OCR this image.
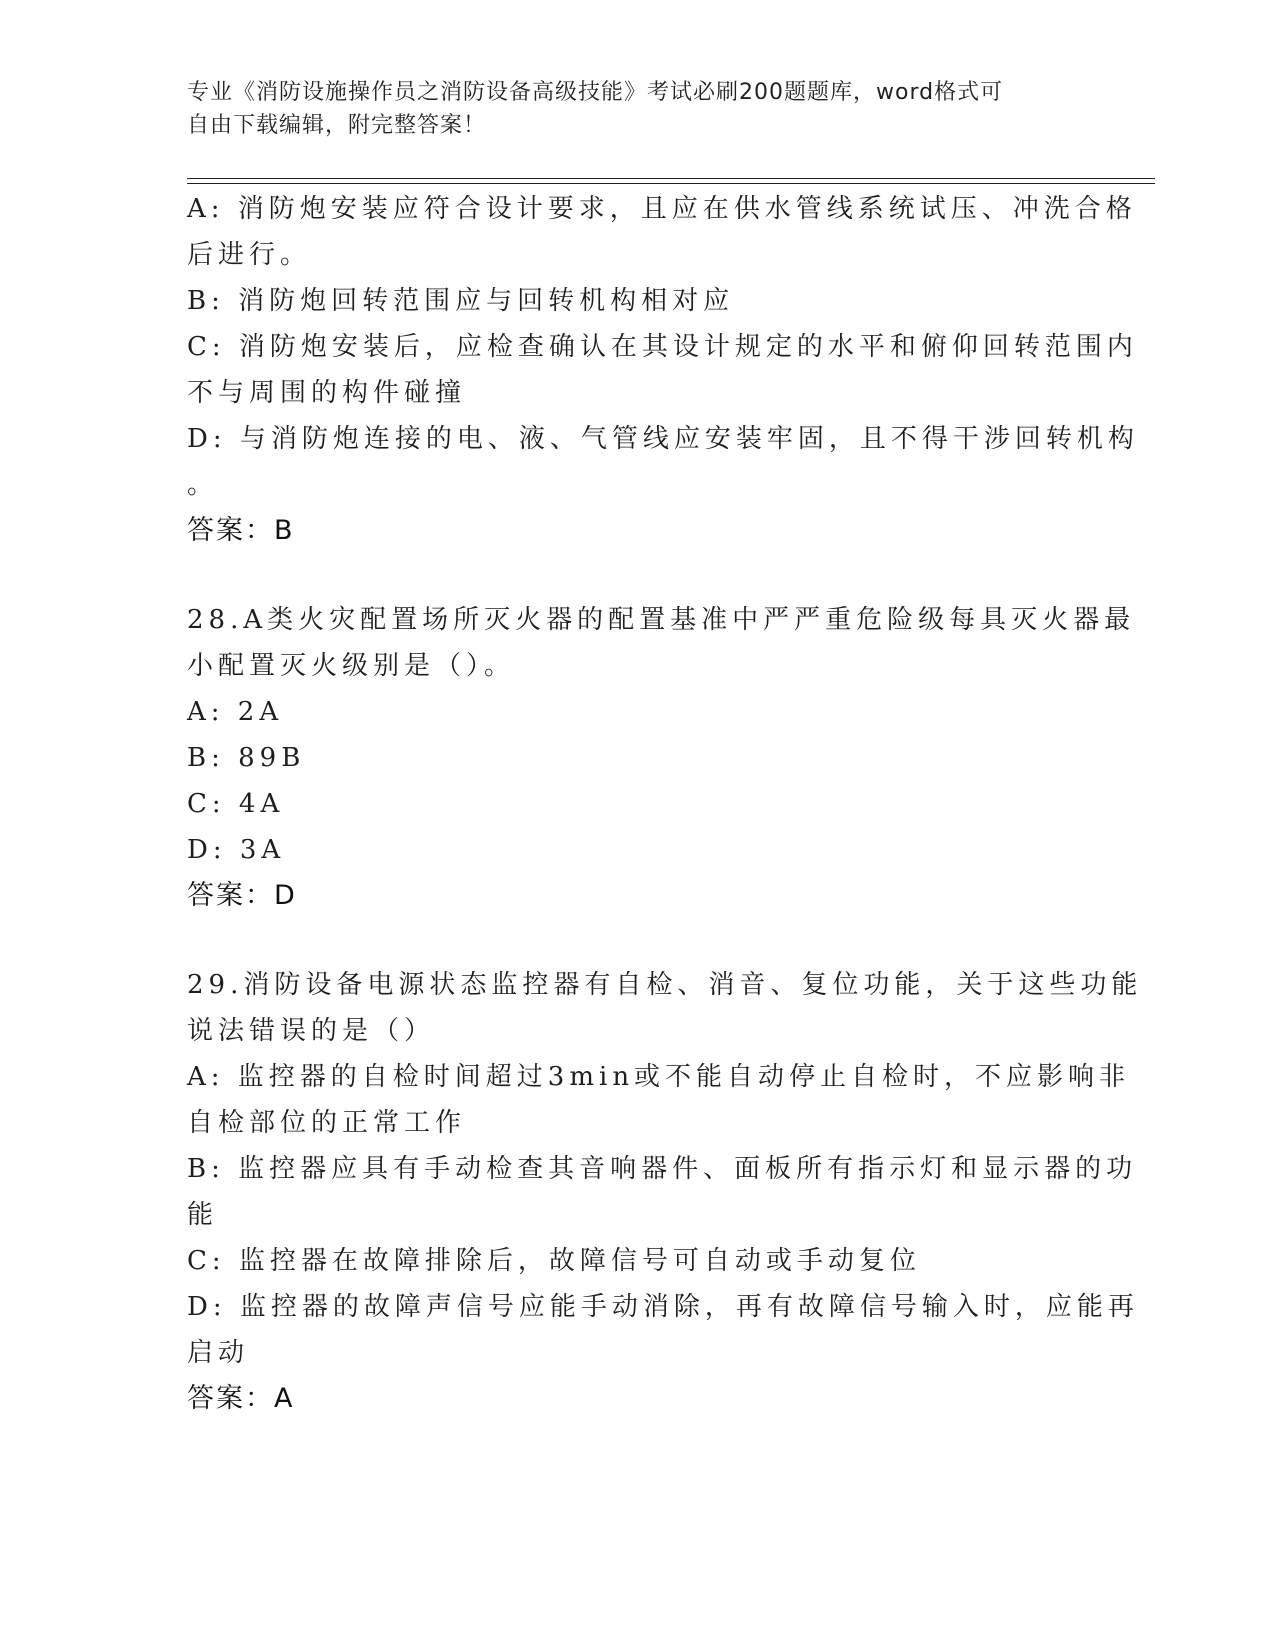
专业《消防设施操作员之消防设备高级技能》考试必刷200题题库，word格式可
自由下载编辑，附完整答案！
A: 消防炮安装应符合设计要求，且应在供水管线系统试压、冲洗合格
后进行。
B: 消防炮回转范围应与回转机构相对应
C: 消防炮安装后，应检查确认在其设计规定的水平和俯仰回转范围内
不与周围的构件碰撞
D: 与消防炮连接的电、液、气管线应安装牢固，且不得干涉回转机构
。
答案：B
28.A类火灾配置场所灭火器的配置基准中严严重危险级每具灭火器最
小配置灭火级别是（）。
A: 2A
B: 89B
C: 4A
D: 3A
答案：D
29.消防设备电源状态监控器有自检、消音、复位功能，关于这些功能
说法错误的是（）
A: 监控器的自检时间超过3min或不能自动停止自检时，不应影响非
自检部位的正常工作
B: 监控器应具有手动检查其音响器件、面板所有指示灯和显示器的功
能
C: 监控器在故障排除后，故障信号可自动或手动复位
D: 监控器的故障声信号应能手动消除，再有故障信号输入时，应能再
启动
答案：A
